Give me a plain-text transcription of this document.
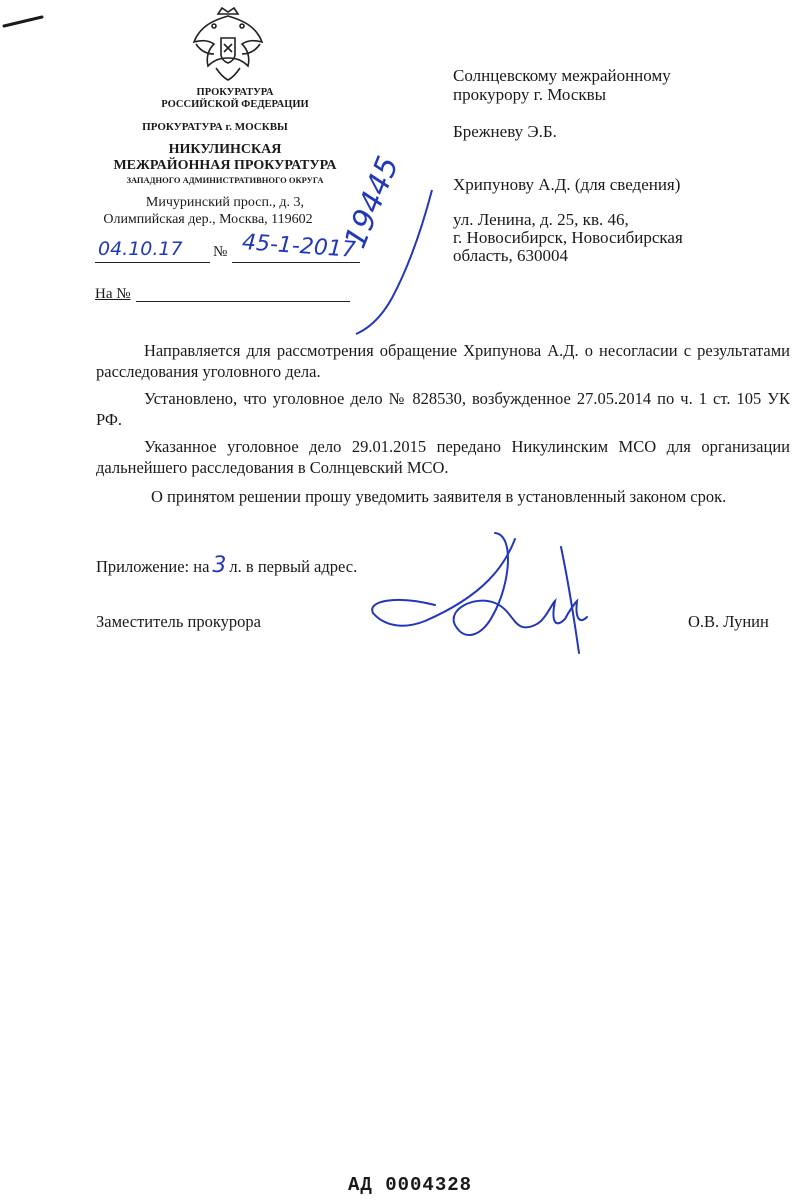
ПРОКУРАТУРА
РОССИЙСКОЙ ФЕДЕРАЦИИ
ПРОКУРАТУРА г. МОСКВЫ
НИКУЛИНСКАЯ
МЕЖРАЙОННАЯ ПРОКУРАТУРА
ЗАПАДНОГО АДМИНИСТРАТИВНОГО ОКРУГА
Мичуринский просп., д. 3,
Олимпийская дер., Москва, 119602
04.10.17 № 45-1-2017
19445
На №
Солнцевскому межрайонному
прокурору г. Москвы
Брежневу Э.Б.
Хрипунову А.Д. (для сведения)
ул. Ленина, д. 25, кв. 46,
г. Новосибирск, Новосибирская
область, 630004
Направляется для рассмотрения обращение Хрипунова А.Д. о несогласии с результатами расследования уголовного дела.
Установлено, что уголовное дело № 828530, возбужденное 27.05.2014 по ч. 1 ст. 105 УК РФ.
Указанное уголовное дело 29.01.2015 передано Никулинским МСО для организации дальнейшего расследования в Солнцевский МСО.
О принятом решении прошу уведомить заявителя в установленный законом срок.
Приложение: на 3 л. в первый адрес.
Заместитель прокурора	О.В. Лунин
АД 0004328
